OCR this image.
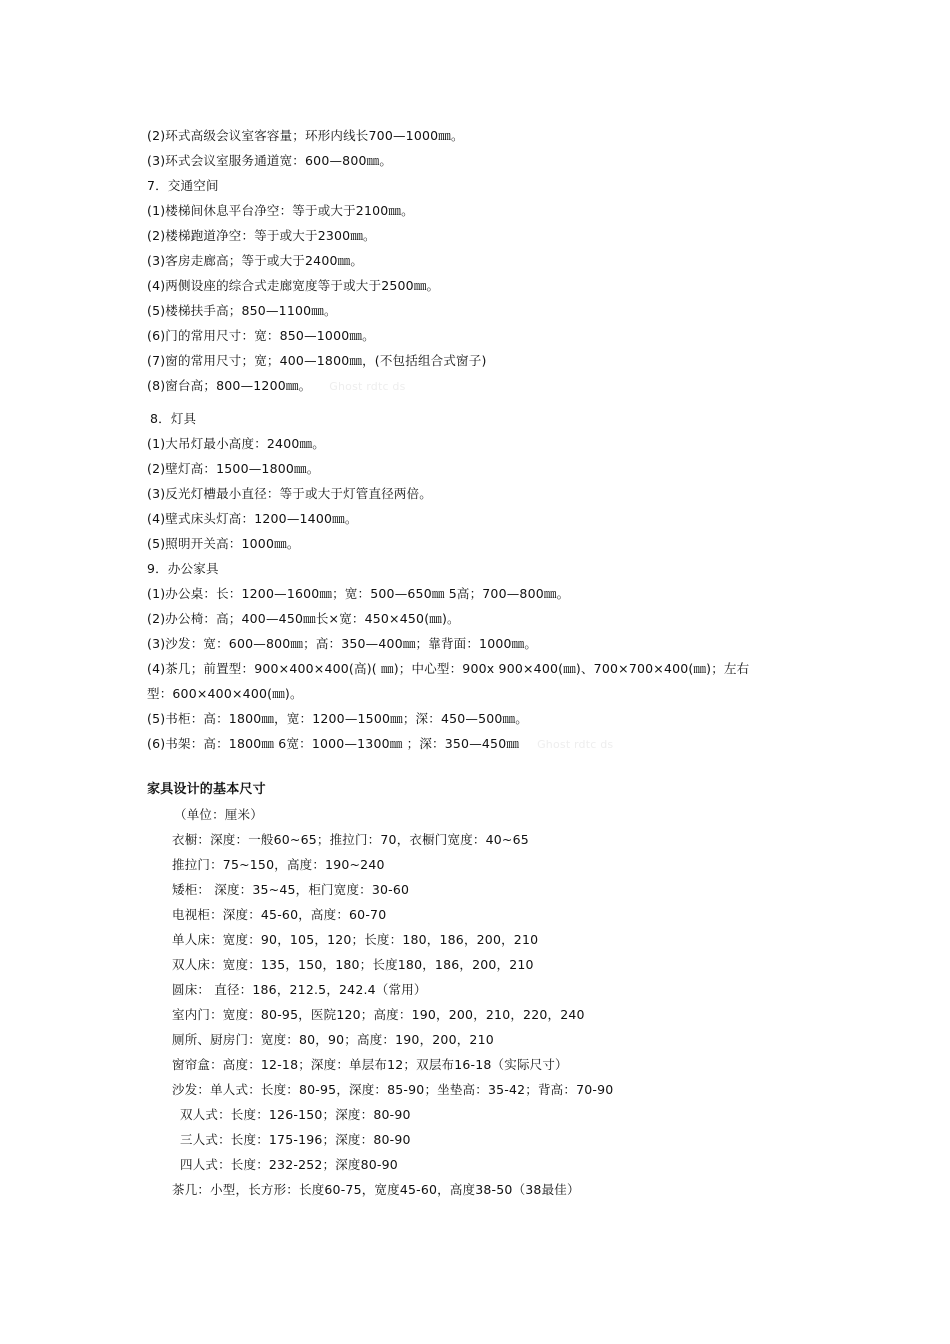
(2)环式高级会议室客容量；环形内线长700—1000㎜。
(3)环式会议室服务通道宽：600—800㎜。
7．交通空间
(1)楼梯间休息平台净空：等于或大于2100㎜。
(2)楼梯跑道净空：等于或大于2300㎜。
(3)客房走廊高；等于或大于2400㎜。
(4)两侧设座的综合式走廊宽度等于或大于2500㎜。
(5)楼梯扶手高；850—1100㎜。
(6)门的常用尺寸：宽：850—1000㎜。
(7)窗的常用尺寸；宽；400—1800㎜，(不包括组合式窗子)
(8)窗台高；800—1200㎜。 Ghost rdtc ds
8．灯具
(1)大吊灯最小高度：2400㎜。
(2)壁灯高：1500—1800㎜。
(3)反光灯槽最小直径：等于或大于灯管直径两倍。
(4)壁式床头灯高：1200—1400㎜。
(5)照明开关高：1000㎜。
9．办公家具
(1)办公桌：长：1200—1600㎜；宽：500—650㎜ 5高；700—800㎜。
(2)办公椅：高；400—450㎜长×宽：450×450(㎜)。
(3)沙发：宽：600—800㎜；高：350—400㎜；靠背面：1000㎜。
(4)茶几；前置型：900×400×400(高)( ㎜)；中心型：900x 900×400(㎜)、700×700×400(㎜)；左右
型：600×400×400(㎜)。
(5)书柜：高：1800㎜，宽：1200—1500㎜；深：450—500㎜。
(6)书架：高：1800㎜ 6宽：1000—1300㎜ ；深：350—450㎜ Ghost rdtc ds
家具设计的基本尺寸
（单位：厘米）
衣橱：深度：一般60~65；推拉门：70，衣橱门宽度：40~65
推拉门：75~150，高度：190~240
矮柜： 深度：35~45，柜门宽度：30-60
电视柜：深度：45-60，高度：60-70
单人床：宽度：90，105，120；长度：180，186，200，210
双人床：宽度：135，150，180；长度180，186，200，210
圆床： 直径：186，212.5，242.4（常用）
室内门：宽度：80-95，医院120；高度：190，200，210，220，240
厕所、厨房门：宽度：80，90；高度：190，200，210
窗帘盒：高度：12-18；深度：单层布12；双层布16-18（实际尺寸）
沙发：单人式：长度：80-95，深度：85-90；坐垫高：35-42；背高：70-90
双人式：长度：126-150；深度：80-90
三人式：长度：175-196；深度：80-90
四人式：长度：232-252；深度80-90
茶几：小型，长方形：长度60-75，宽度45-60，高度38-50（38最佳）
